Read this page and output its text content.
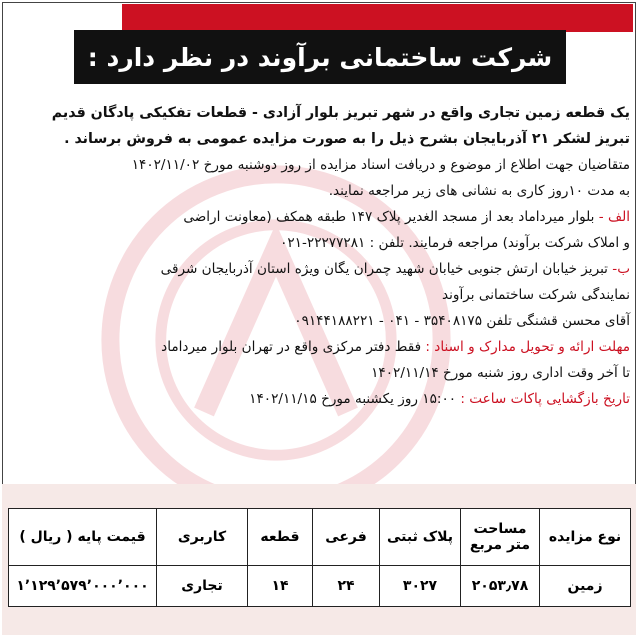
شرکت ساختمانی برآوند در نظر دارد :
یک قطعه زمین تجاری واقع در شهر تبریز بلوار آزادی - قطعات تفکیکی پادگان قدیم
تبریز لشکر ۲۱ آذربایجان بشرح ذیل را به صورت مزایده عمومی به فروش برساند .
متقاضیان جهت اطلاع از موضوع و دریافت اسناد مزایده از روز دوشنبه مورخ ۱۴۰۲/۱۱/۰۲
به مدت ۱۰روز کاری به نشانی های زیر مراجعه نمایند.
الف - بلوار میرداماد بعد از مسجد الغدیر پلاک ۱۴۷ طبقه همکف (معاونت اراضی
و املاک شرکت برآوند) مراجعه فرمایند. تلفن : ۲۲۲۷۷۲۸۱-۰۲۱
ب- تبریز خیابان ارتش جنوبی خیابان شهید چمران یگان ویژه استان آذربایجان شرقی
نمایندگی شرکت ساختمانی برآوند
آقای محسن قشنگی تلفن ۳۵۴۰۸۱۷۵ - ۰۴۱ - ۰۹۱۴۴۱۸۸۲۲۱
مهلت ارائه و تحویل مدارک و اسناد : فقط دفتر مرکزی واقع در تهران بلوار میرداماد
تا آخر وقت اداری روز شنبه مورخ ۱۴۰۲/۱۱/۱۴
تاریخ بازگشایی پاکات ساعت : ۱۵:۰۰ روز یکشنبه مورخ ۱۴۰۲/۱۱/۱۵
نوع مزایده	مساحت متر مربع	پلاک ثبتی	فرعی	قطعه	کاربری	قیمت پایه ( ریال )
زمین	۲۰۵۳٫۷۸	۳۰۲۷	۲۴	۱۴	تجاری	۱٬۱۲۹٬۵۷۹٬۰۰۰٬۰۰۰
